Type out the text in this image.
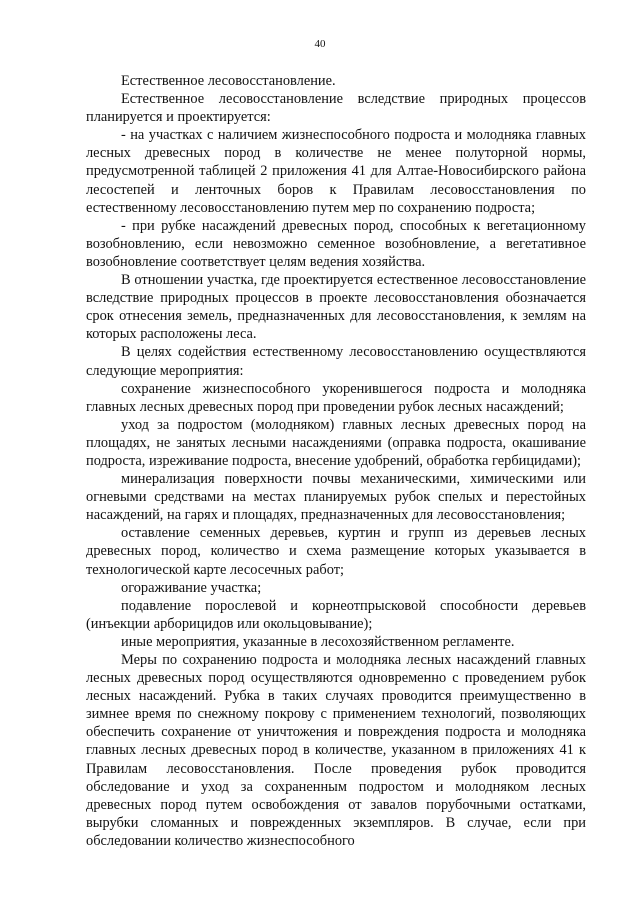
40

Естественное лесовосстановление.

Естественное лесовосстановление вследствие природных процессов планируется и проектируется:

- на участках с наличием жизнеспособного подроста и молодняка главных лесных древесных пород в количестве не менее полуторной нормы, предусмотренной таблицей 2 приложения 41 для Алтае-Новосибирского района лесостепей и ленточных боров к Правилам лесовосстановления по естественному лесовосстановлению путем мер по сохранению подроста;

- при рубке насаждений древесных пород, способных к вегетационному возобновлению, если невозможно семенное возобновление, а вегетативное возобновление соответствует целям ведения хозяйства.

В отношении участка, где проектируется естественное лесовосстановление вследствие природных процессов в проекте лесовосстановления обозначается срок отнесения земель, предназначенных для лесовосстановления, к землям на которых расположены леса.

В целях содействия естественному лесовосстановлению осуществляются следующие мероприятия:

сохранение жизнеспособного укоренившегося подроста и молодняка главных лесных древесных пород при проведении рубок лесных насаждений;

уход за подростом (молодняком) главных лесных древесных пород на площадях, не занятых лесными насаждениями (оправка подроста, окашивание подроста, изреживание подроста, внесение удобрений, обработка гербицидами);

минерализация поверхности почвы механическими, химическими или огневыми средствами на местах планируемых рубок спелых и перестойных насаждений, на гарях и площадях, предназначенных для лесовосстановления;

оставление семенных деревьев, куртин и групп из деревьев лесных древесных пород, количество и схема размещение которых указывается в технологической карте лесосечных работ;

огораживание участка;

подавление порослевой и корнеотпрысковой способности деревьев (инъекции арборицидов или окольцовывание);

иные мероприятия, указанные в лесохозяйственном регламенте.

Меры по сохранению подроста и молодняка лесных насаждений главных лесных древесных пород осуществляются одновременно с проведением рубок лесных насаждений. Рубка в таких случаях проводится преимущественно в зимнее время по снежному покрову с применением технологий, позволяющих обеспечить сохранение от уничтожения и повреждения подроста и молодняка главных лесных древесных пород в количестве, указанном в приложениях 41 к Правилам лесовосстановления. После проведения рубок проводится обследование и уход за сохраненным подростом и молодняком лесных древесных пород путем освобождения от завалов порубочными остатками, вырубки сломанных и поврежденных экземпляров. В случае, если при обследовании количество жизнеспособного
